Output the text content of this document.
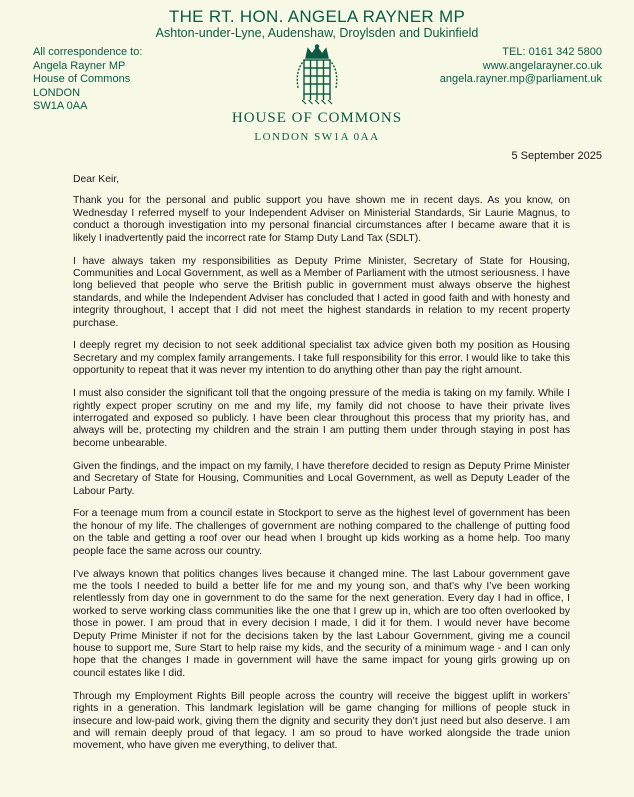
THE RT. HON. ANGELA RAYNER MP
Ashton-under-Lyne, Audenshaw, Droylsden and Dukinfield
All correspondence to:
Angela Rayner MP
House of Commons
LONDON
SW1A 0AA
TEL: 0161 342 5800
www.angelarayner.co.uk
angela.rayner.mp@parliament.uk
HOUSE OF COMMONS
LONDON SW1A 0AA
5 September 2025

Dear Keir,

Thank you for the personal and public support you have shown me in recent days. As you know, on Wednesday I referred myself to your Independent Adviser on Ministerial Standards, Sir Laurie Magnus, to conduct a thorough investigation into my personal financial circumstances after I became aware that it is likely I inadvertently paid the incorrect rate for Stamp Duty Land Tax (SDLT).

I have always taken my responsibilities as Deputy Prime Minister, Secretary of State for Housing, Communities and Local Government, as well as a Member of Parliament with the utmost seriousness. I have long believed that people who serve the British public in government must always observe the highest standards, and while the Independent Adviser has concluded that I acted in good faith and with honesty and integrity throughout, I accept that I did not meet the highest standards in relation to my recent property purchase.

I deeply regret my decision to not seek additional specialist tax advice given both my position as Housing Secretary and my complex family arrangements. I take full responsibility for this error. I would like to take this opportunity to repeat that it was never my intention to do anything other than pay the right amount.

I must also consider the significant toll that the ongoing pressure of the media is taking on my family. While I rightly expect proper scrutiny on me and my life, my family did not choose to have their private lives interrogated and exposed so publicly. I have been clear throughout this process that my priority has, and always will be, protecting my children and the strain I am putting them under through staying in post has become unbearable.

Given the findings, and the impact on my family, I have therefore decided to resign as Deputy Prime Minister and Secretary of State for Housing, Communities and Local Government, as well as Deputy Leader of the Labour Party.

For a teenage mum from a council estate in Stockport to serve as the highest level of government has been the honour of my life. The challenges of government are nothing compared to the challenge of putting food on the table and getting a roof over our head when I brought up kids working as a home help. Too many people face the same across our country.

I’ve always known that politics changes lives because it changed mine. The last Labour government gave me the tools I needed to build a better life for me and my young son, and that’s why I’ve been working relentlessly from day one in government to do the same for the next generation. Every day I had in office, I worked to serve working class communities like the one that I grew up in, which are too often overlooked by those in power. I am proud that in every decision I made, I did it for them. I would never have become Deputy Prime Minister if not for the decisions taken by the last Labour Government, giving me a council house to support me, Sure Start to help raise my kids, and the security of a minimum wage - and I can only hope that the changes I made in government will have the same impact for young girls growing up on council estates like I did.

Through my Employment Rights Bill people across the country will receive the biggest uplift in workers’ rights in a generation. This landmark legislation will be game changing for millions of people stuck in insecure and low-paid work, giving them the dignity and security they don’t just need but also deserve. I am and will remain deeply proud of that legacy. I am so proud to have worked alongside the trade union movement, who have given me everything, to deliver that.
